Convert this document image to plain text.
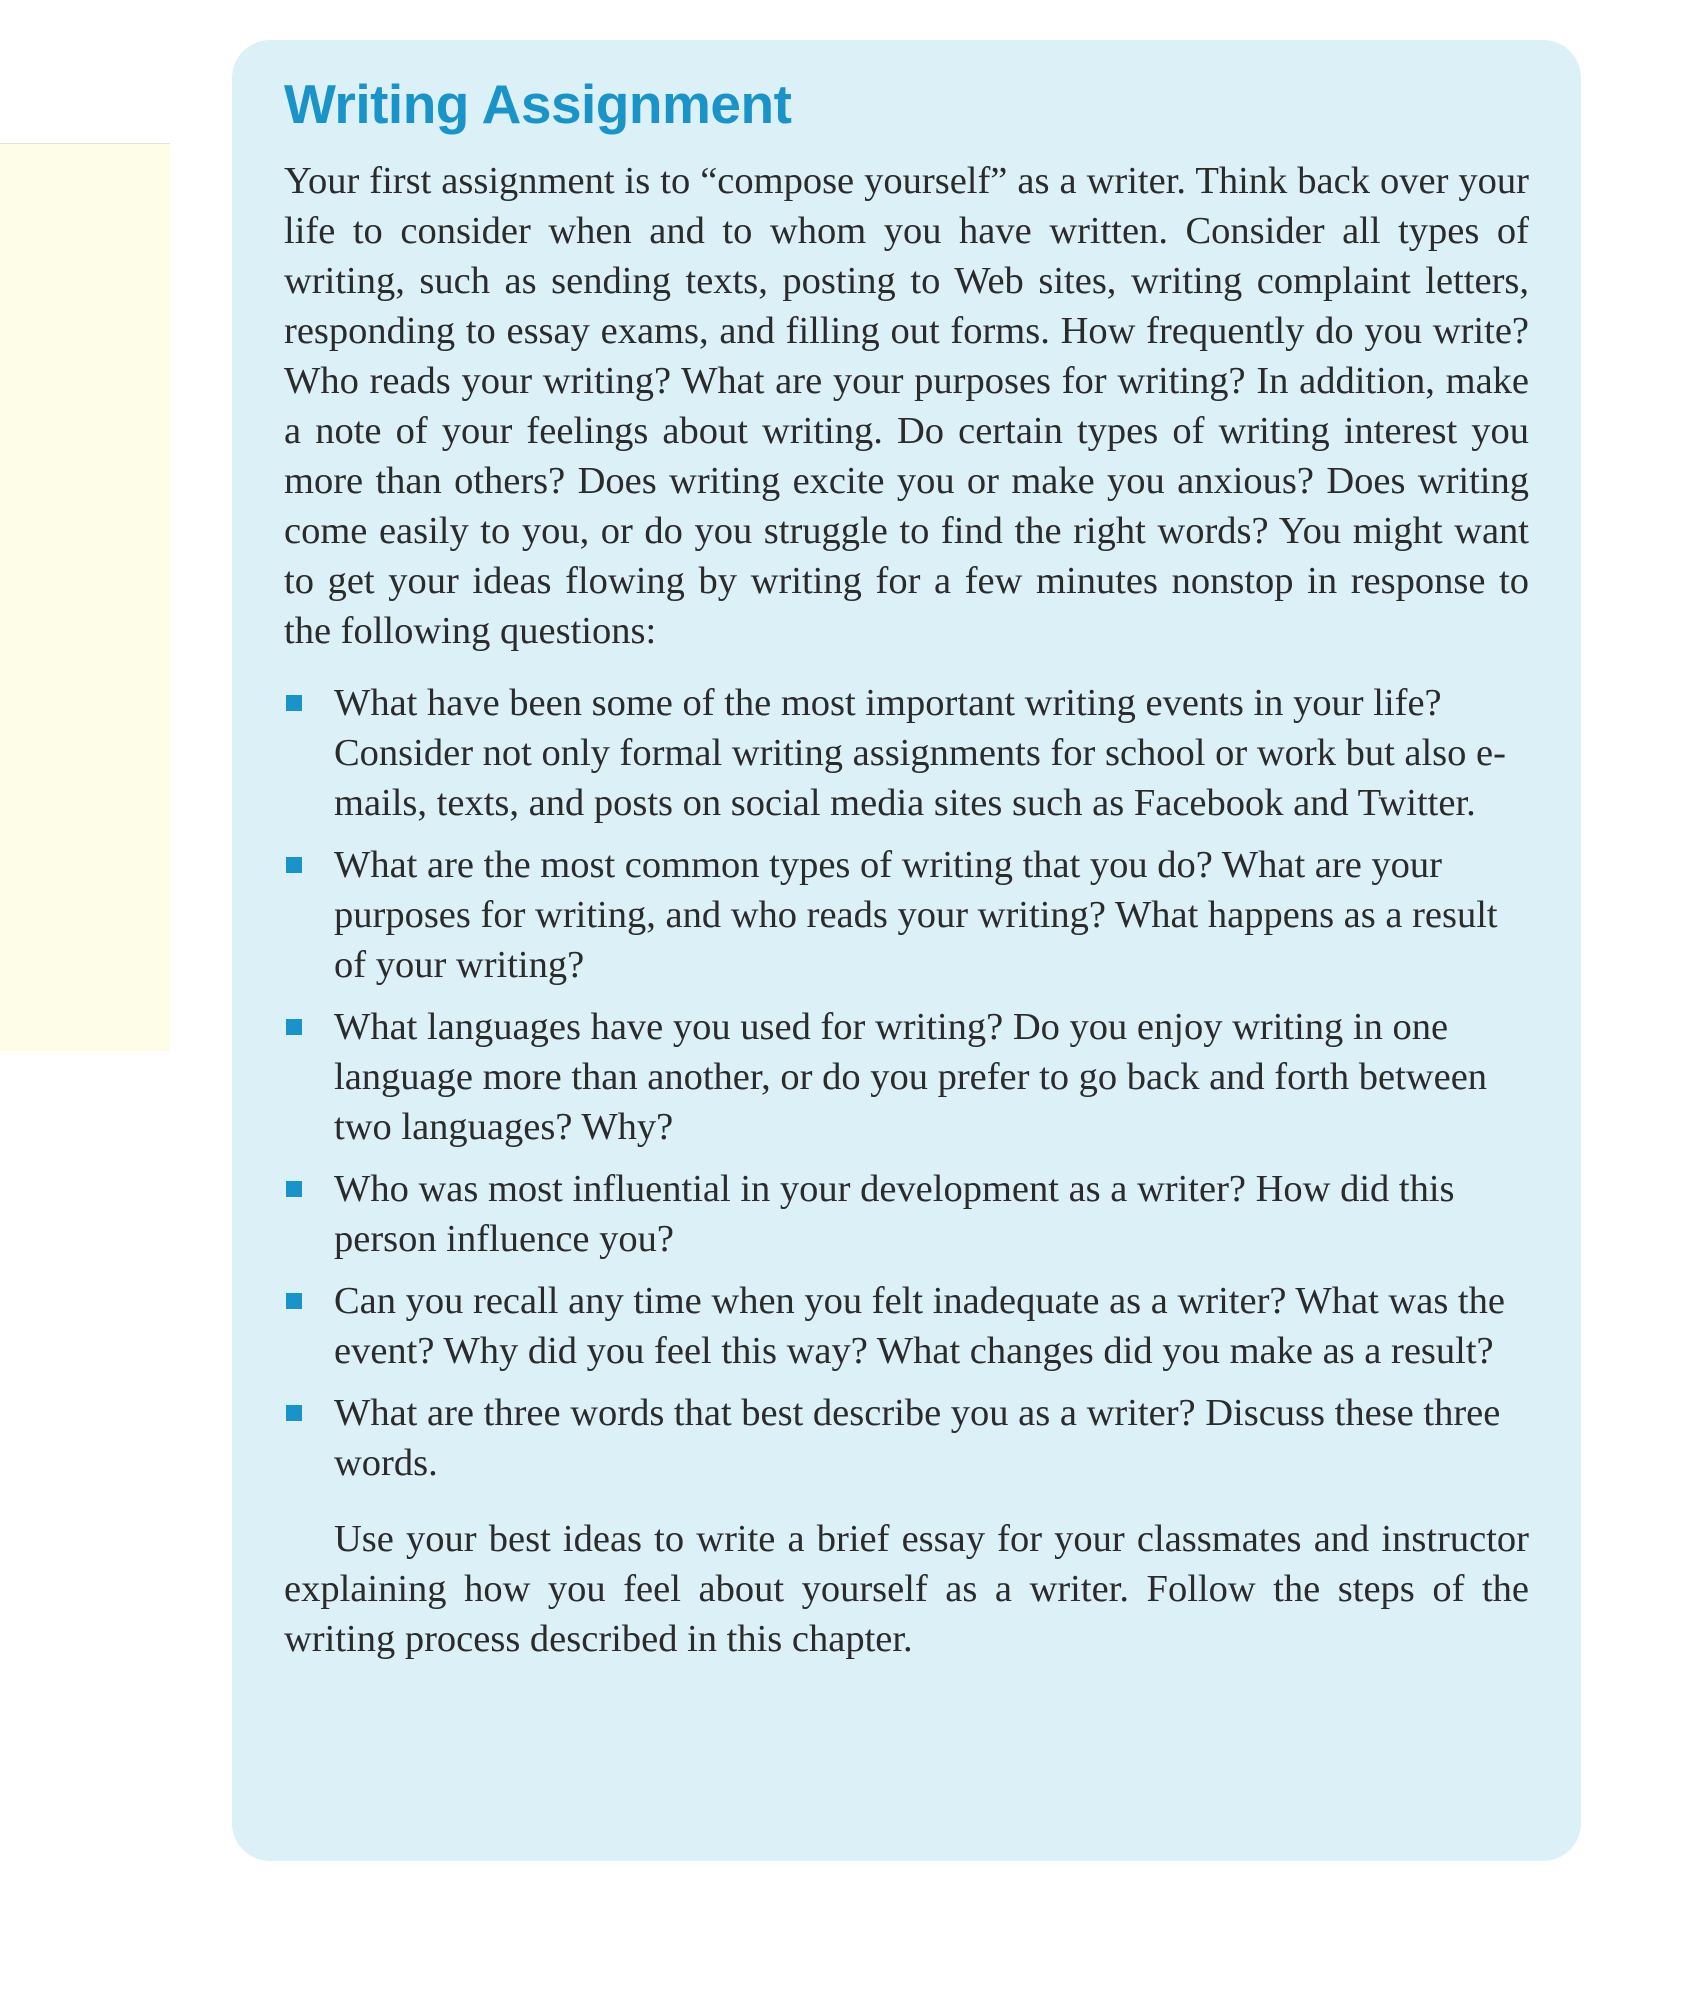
Writing Assignment

Your first assignment is to “compose yourself” as a writer. Think back over your life to consider when and to whom you have written. Consider all types of writing, such as sending texts, posting to Web sites, writing complaint letters, responding to essay exams, and filling out forms. How frequently do you write? Who reads your writing? What are your purposes for writing? In addition, make a note of your feelings about writing. Do certain types of writing interest you more than others? Does writing excite you or make you anxious? Does writing come easily to you, or do you struggle to find the right words? You might want to get your ideas flowing by writing for a few minutes nonstop in response to the following questions:

What have been some of the most important writing events in your life? Consider not only formal writing assignments for school or work but also e-mails, texts, and posts on social media sites such as Facebook and Twitter.
What are the most common types of writing that you do? What are your purposes for writing, and who reads your writing? What happens as a result of your writing?
What languages have you used for writing? Do you enjoy writing in one language more than another, or do you prefer to go back and forth between two languages? Why?
Who was most influential in your development as a writer? How did this person influence you?
Can you recall any time when you felt inadequate as a writer? What was the event? Why did you feel this way? What changes did you make as a result?
What are three words that best describe you as a writer? Discuss these three words.

Use your best ideas to write a brief essay for your classmates and instructor explaining how you feel about yourself as a writer. Follow the steps of the writing process described in this chapter.
